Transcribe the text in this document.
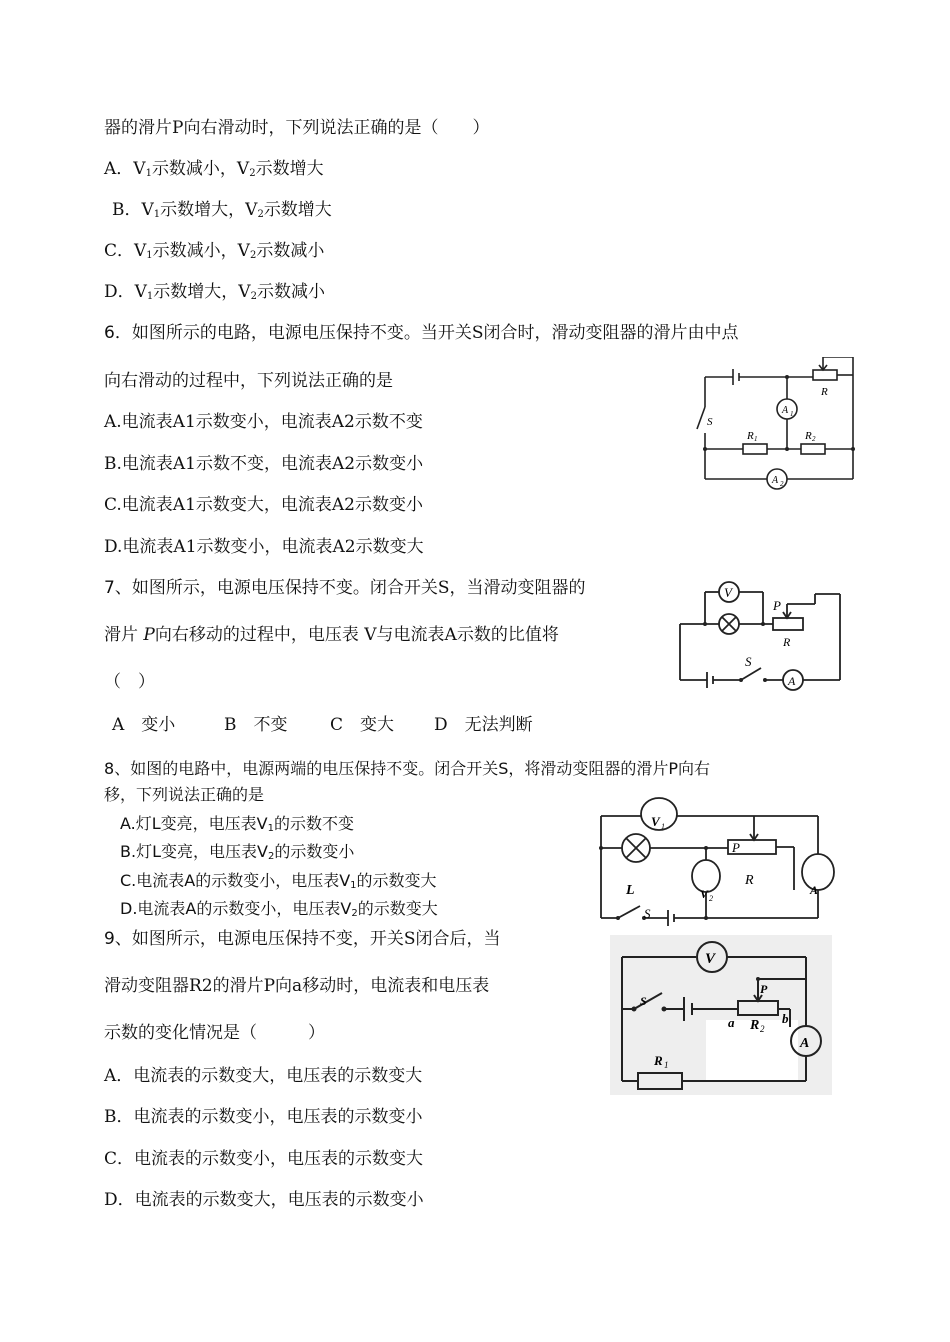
器的滑片P向右滑动时，下列说法正确的是（　　）
A．$V_1$示数减小，$V_2$示数增大
B．$V_1$示数增大，$V_2$示数增大
C．$V_1$示数减小，$V_2$示数减小
D．$V_1$示数增大，$V_2$示数减小
6．如图所示的电路，电源电压保持不变。当开关S闭合时，滑动变阻器的滑片由中点
向右滑动的过程中，下列说法正确的是
A.电流表A1示数变小，电流表A2示数不变
B.电流表A1示数不变，电流表A2示数变小
C.电流表A1示数变大，电流表A2示数变小
D.电流表A1示数变小，电流表A2示数变大
R
A 1
S
R 1	R 2
A 2
7、如图所示，电源电压保持不变。闭合开关S，当滑动变阻器的
滑片 P向右移动的过程中，电压表 V与电流表A示数的比值将
（　）
A　变小	B　不变	C　变大 D　无法判断
V
P
R
S
A
8、如图的电路中，电源两端的电压保持不变。闭合开关S，将滑动变阻器的滑片P向右
移，下列说法正确的是
A.灯L变亮，电压表$V_1$的示数不变
B.灯L变亮，电压表$V_2$的示数变小
C.电流表A的示数变小，电压表$V_1$的示数变大
D.电流表A的示数变小，电压表$V_2$的示数变大
V 1
P
R
V 2
A
L
S
9、如图所示，电源电压保持不变，开关S闭合后，当
滑动变阻器R2的滑片P向a移动时，电流表和电压表
示数的变化情况是（　　　）
A．电流表的示数变大，电压表的示数变大
B．电流表的示数变小，电压表的示数变小
C．电流表的示数变小，电压表的示数变大
D．电流表的示数变大，电压表的示数变小
V
P
S
a R 2
b
A
R 1
